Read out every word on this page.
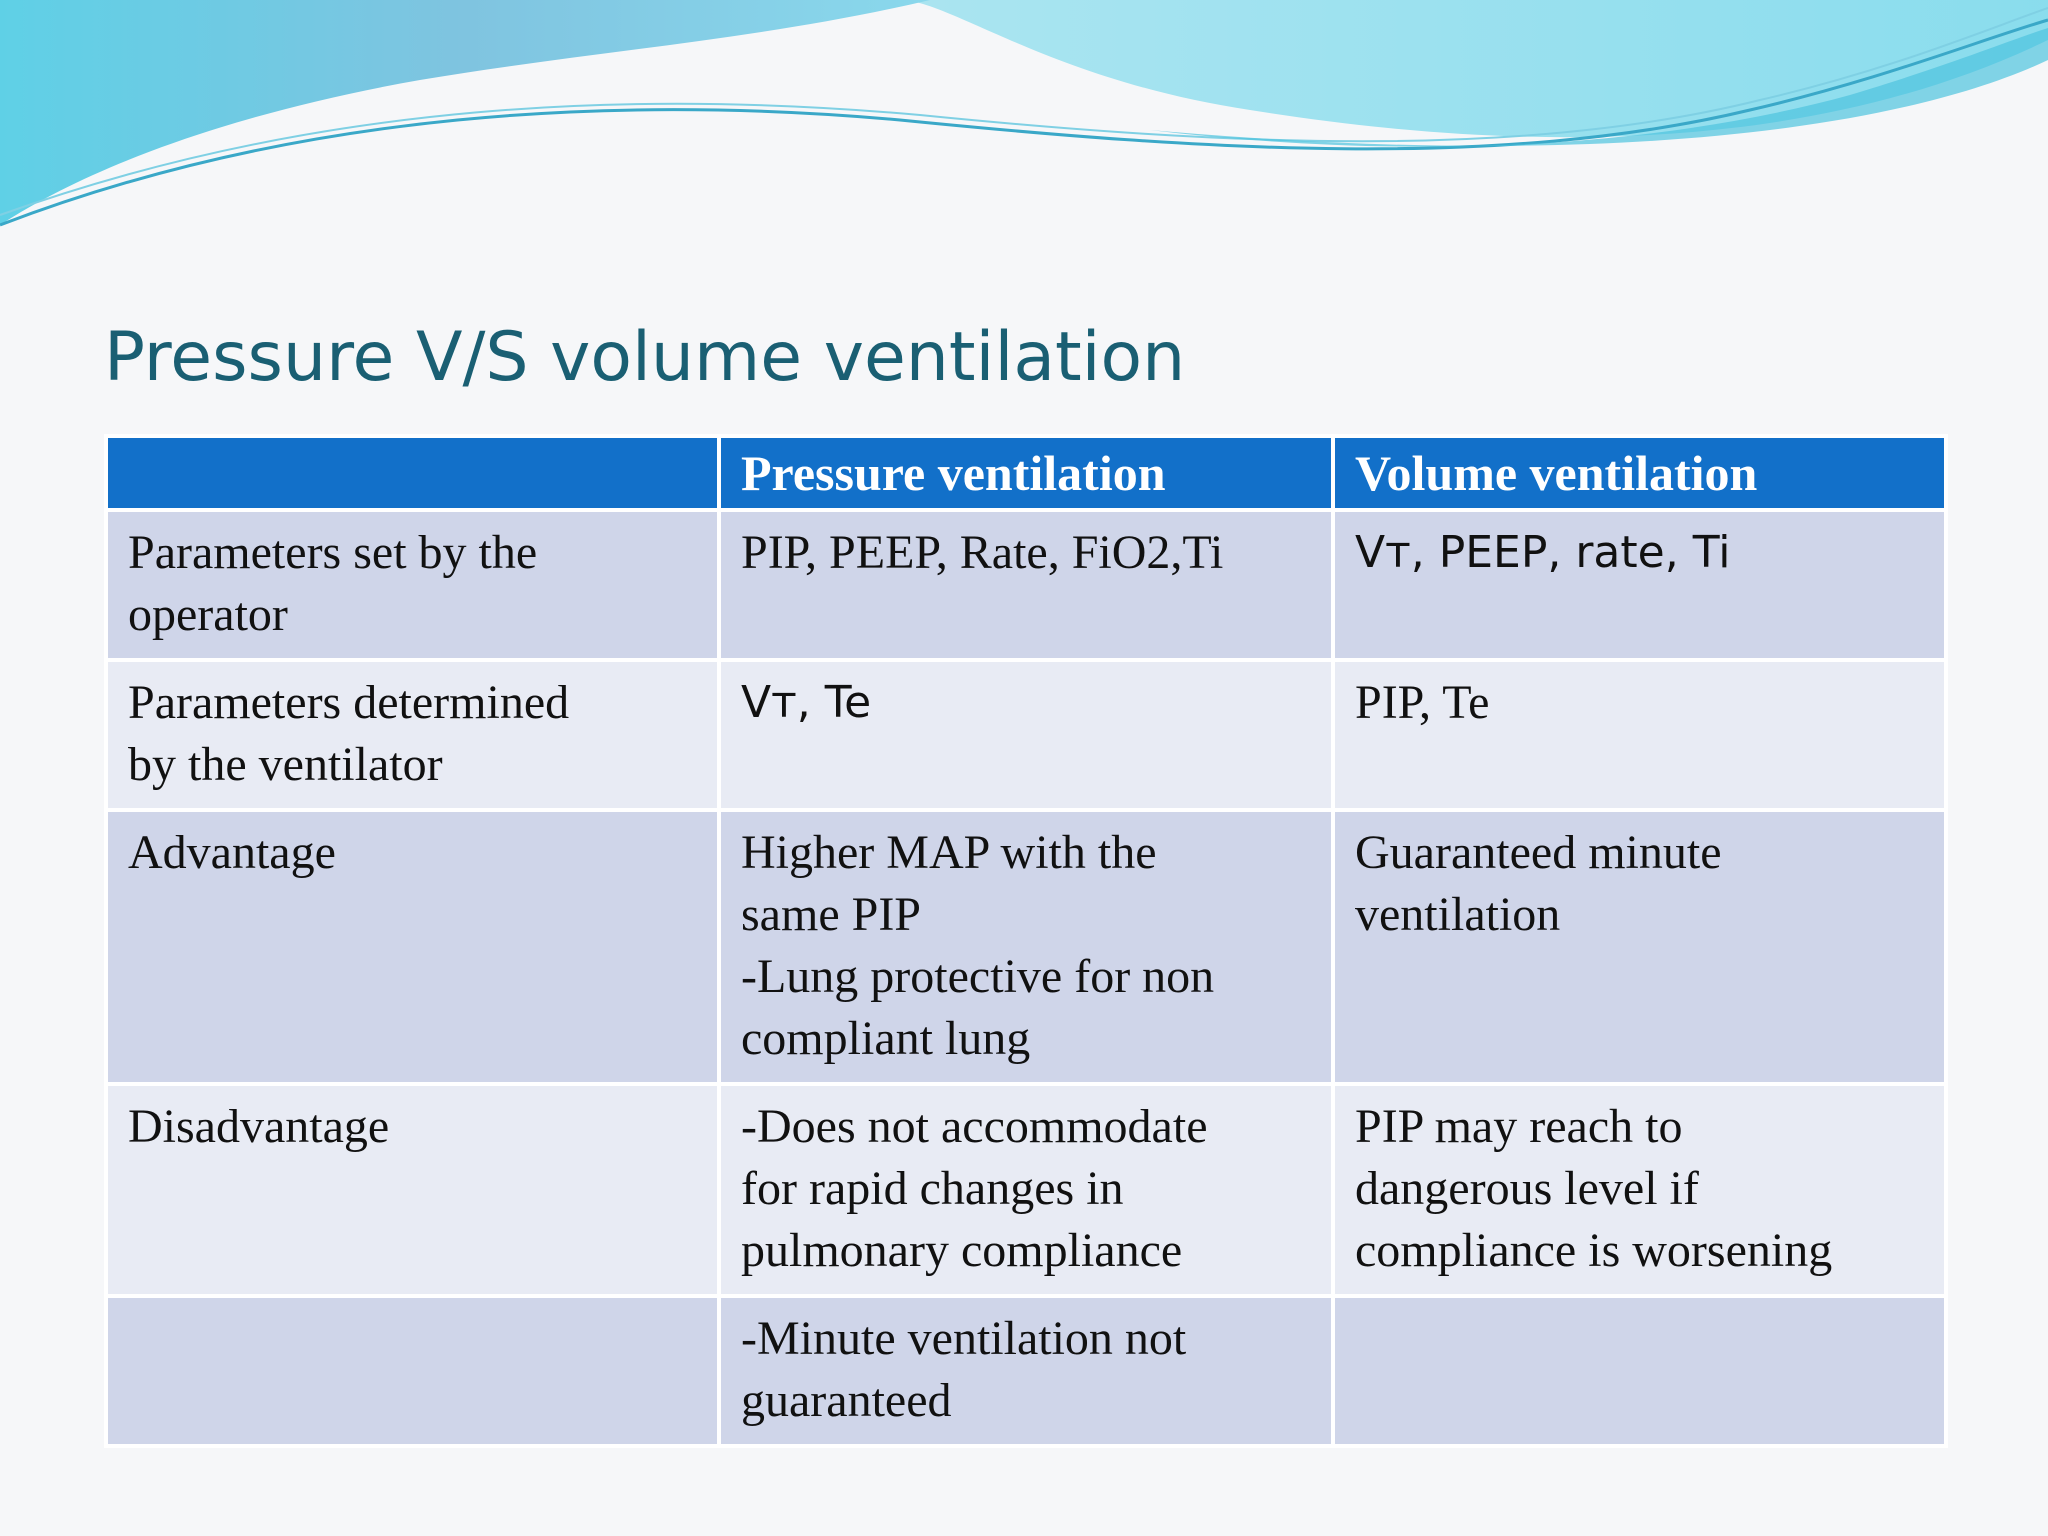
Pressure V/S volume ventilation
	Pressure ventilation	Volume ventilation

Parameters set by the
operator	PIP, PEEP, Rate, FiO2,Ti	Vт, PEEP, rate, Ti

Parameters determined
by the ventilator	Vт, Te	PIP, Te

Advantage	Higher MAP with the
same PIP
-Lung protective for non
compliant lung	Guaranteed minute
ventilation

Disadvantage	-Does not accommodate
for rapid changes in
pulmonary compliance	PIP may reach to
dangerous level if
compliance is worsening

	-Minute ventilation not
guaranteed	
